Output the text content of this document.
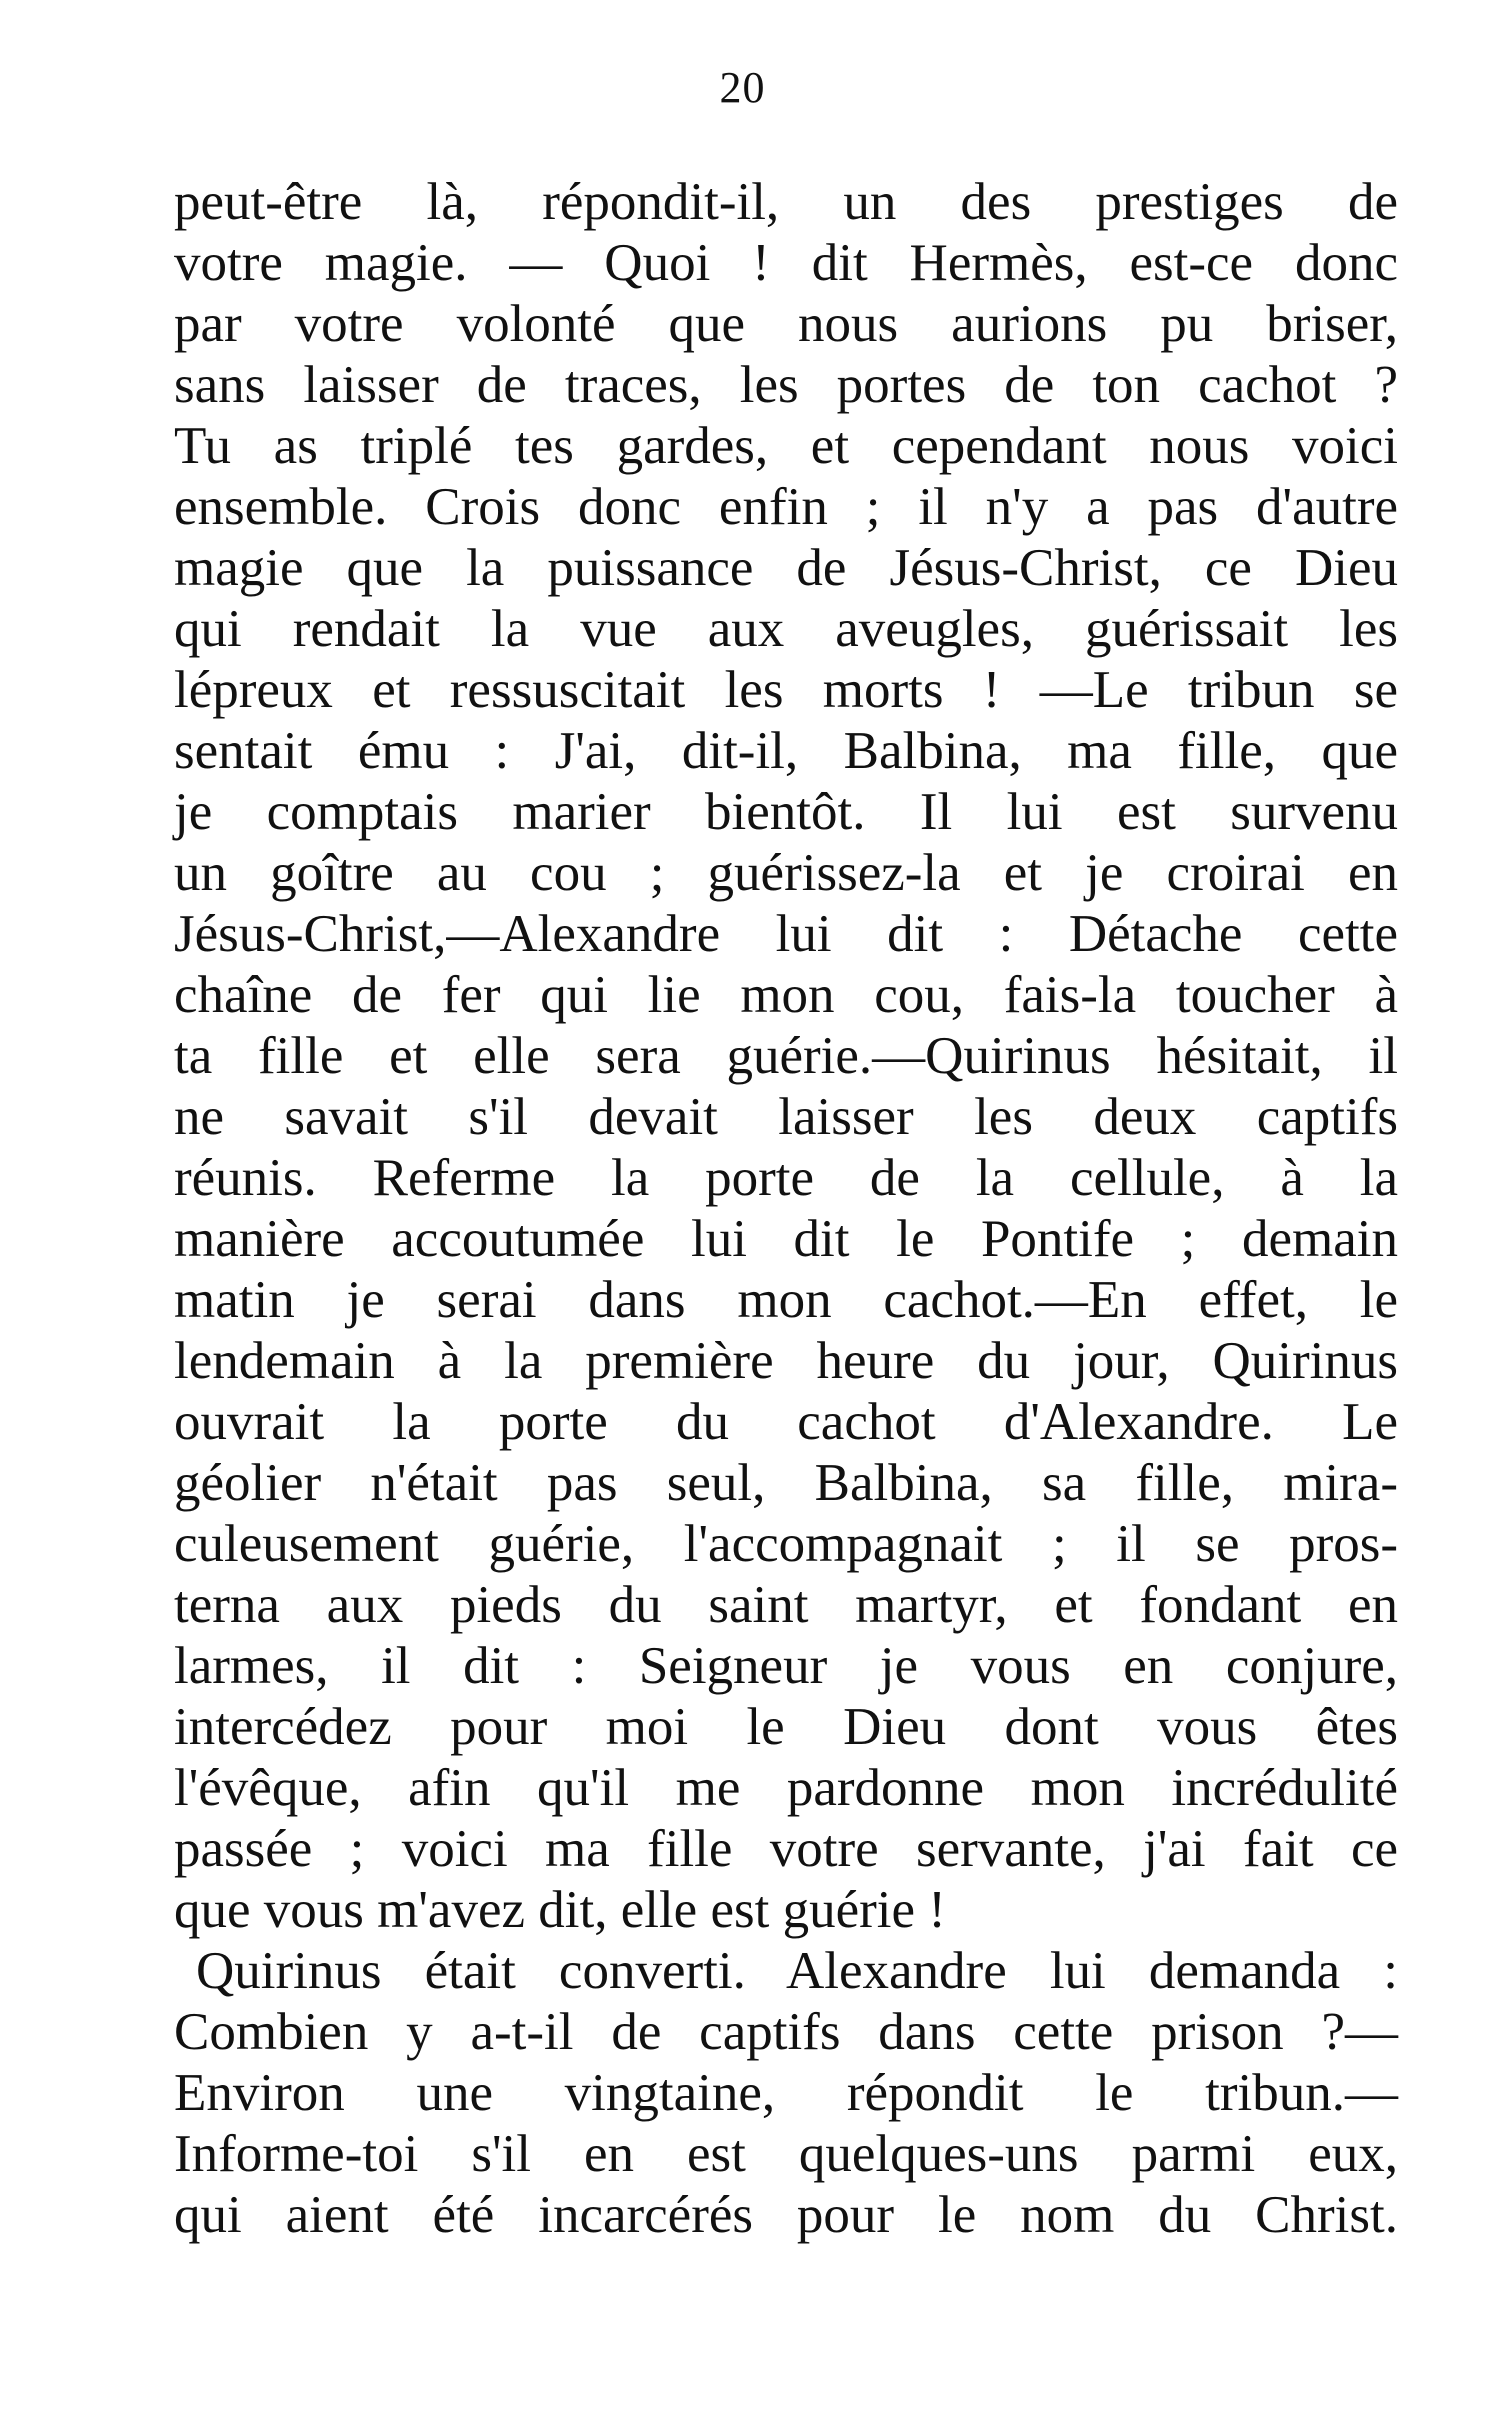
20
peut-être là, répondit-il, un des prestiges de
votre magie. — Quoi ! dit Hermès, est-ce donc
par votre volonté que nous aurions pu briser,
sans laisser de traces, les portes de ton cachot ?
Tu as triplé tes gardes, et cependant nous voici
ensemble. Crois donc enfin ; il n'y a pas d'autre
magie que la puissance de Jésus-Christ, ce Dieu
qui rendait la vue aux aveugles, guérissait les
lépreux et ressuscitait les morts ! —Le tribun se
sentait ému : J'ai, dit-il, Balbina, ma fille, que
je comptais marier bientôt. Il lui est survenu
un goître au cou ; guérissez-la et je croirai en
Jésus-Christ,—Alexandre lui dit : Détache cette
chaîne de fer qui lie mon cou, fais-la toucher à
ta fille et elle sera guérie.—Quirinus hésitait, il
ne savait s'il devait laisser les deux captifs
réunis. Referme la porte de la cellule, à la
manière accoutumée lui dit le Pontife ; demain
matin je serai dans mon cachot.—En effet, le
lendemain à la première heure du jour, Quirinus
ouvrait la porte du cachot d'Alexandre. Le
géolier n'était pas seul, Balbina, sa fille, mira-
culeusement guérie, l'accompagnait ; il se pros-
terna aux pieds du saint martyr, et fondant en
larmes, il dit : Seigneur je vous en conjure,
intercédez pour moi le Dieu dont vous êtes
l'évêque, afin qu'il me pardonne mon incrédulité
passée ; voici ma fille votre servante, j'ai fait ce
que vous m'avez dit, elle est guérie !
Quirinus était converti. Alexandre lui demanda :
Combien y a-t-il de captifs dans cette prison ?—
Environ une vingtaine, répondit le tribun.—
Informe-toi s'il en est quelques-uns parmi eux,
qui aient été incarcérés pour le nom du Christ.
